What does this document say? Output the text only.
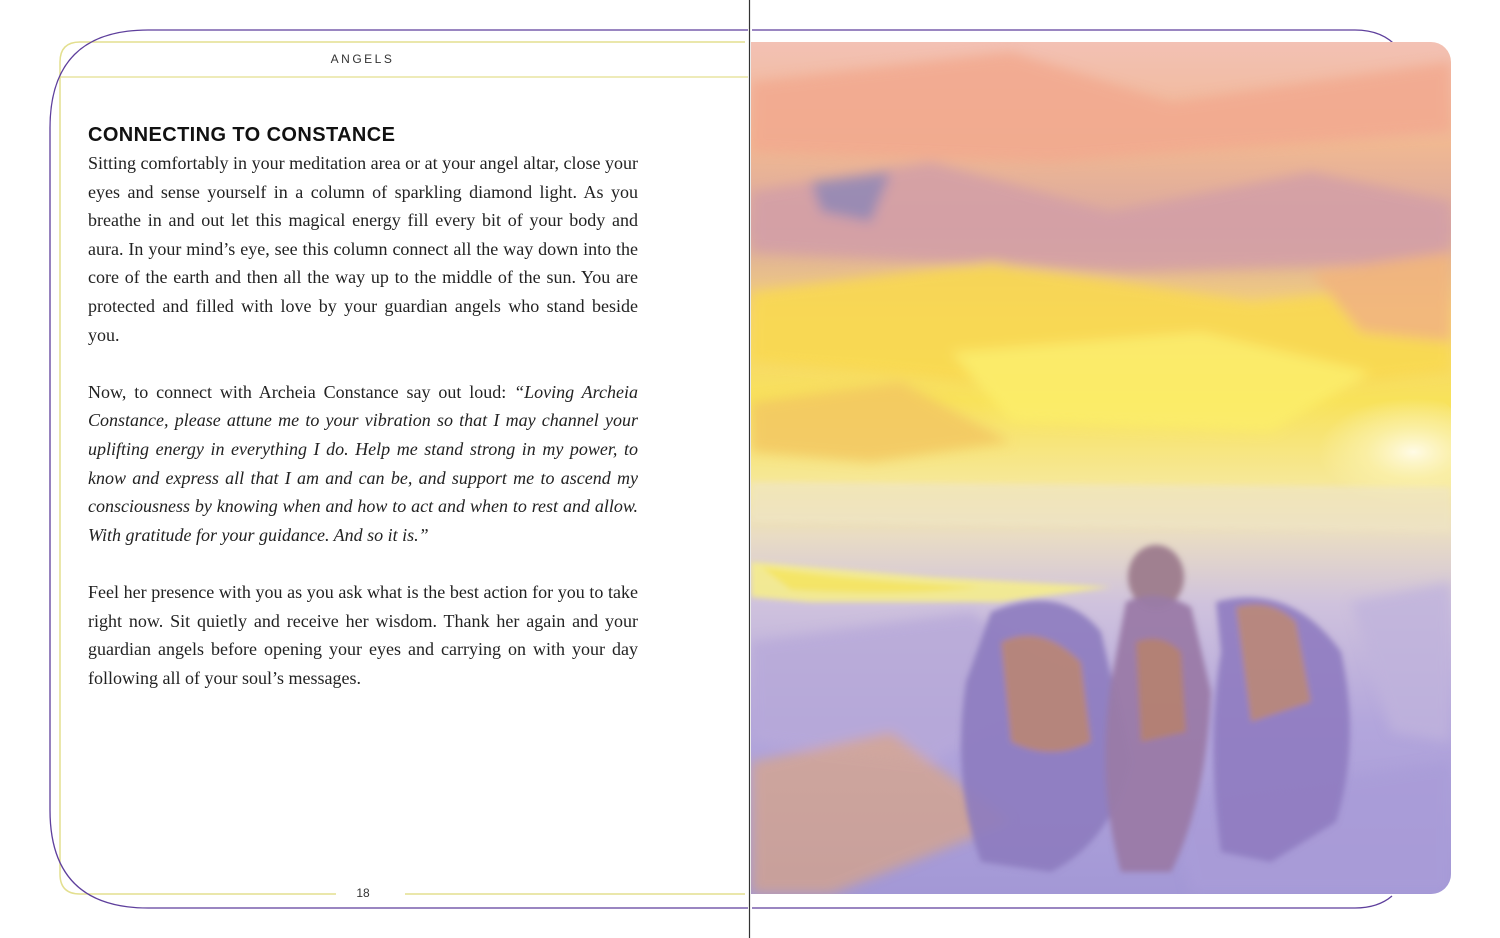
ANGELS
CONNECTING TO CONSTANCE

Sitting comfortably in your meditation area or at your angel altar, close your eyes and sense yourself in a column of sparkling diamond light. As you breathe in and out let this magical energy fill every bit of your body and aura. In your mind’s eye, see this column connect all the way down into the core of the earth and then all the way up to the middle of the sun. You are protected and filled with love by your guardian angels who stand beside you.

Now, to connect with Archeia Constance say out loud: “Loving Archeia Constance, please attune me to your vibration so that I may channel your uplifting energy in everything I do. Help me stand strong in my power, to know and express all that I am and can be, and support me to ascend my consciousness by knowing when and how to act and when to rest and allow. With gratitude for your guidance. And so it is.”

Feel her presence with you as you ask what is the best action for you to take right now. Sit quietly and receive her wisdom. Thank her again and your guardian angels before opening your eyes and carrying on with your day following all of your soul’s messages.

18
